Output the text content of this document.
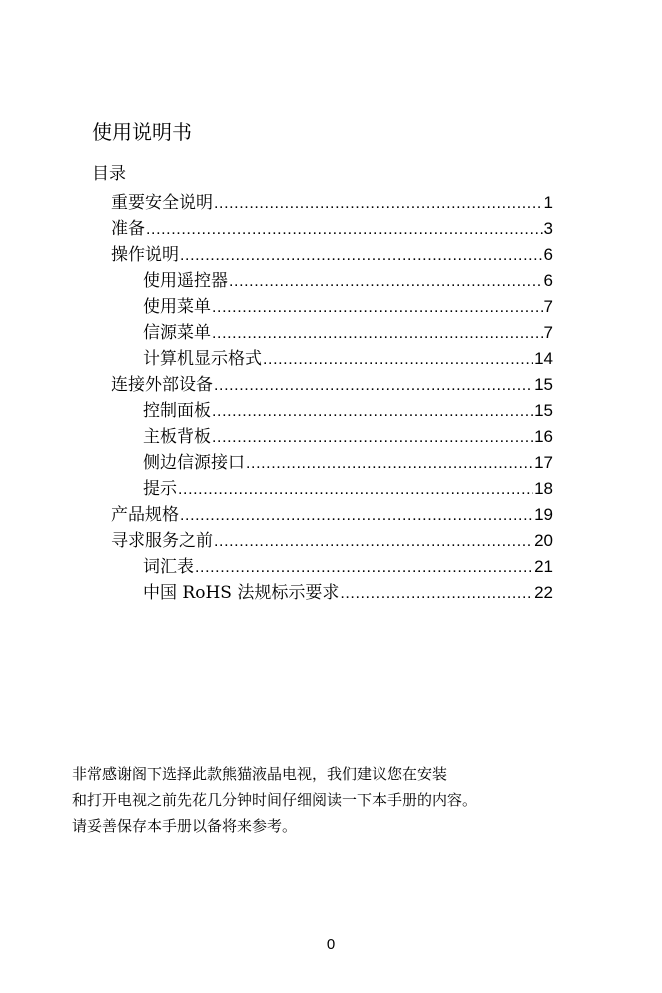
使用说明书
目录
重要安全说明 .....	1
准备 .....	3
操作说明 .....	6
使用遥控器 .....	6
使用菜单 .....	7
信源菜单 .....	7
计算机显示格式 .....	14
连接外部设备 .....	15
控制面板 .....	15
主板背板 .....	16
侧边信源接口 .....	17
提示 .....	18
产品规格 .....	19
寻求服务之前 .....	20
词汇表 .....	21
中国 RoHS 法规标示要求 .....	22

非常感谢阁下选择此款熊猫液晶电视，我们建议您在安装

和打开电视之前先花几分钟时间仔细阅读一下本手册的内容。

请妥善保存本手册以备将来参考。

0
